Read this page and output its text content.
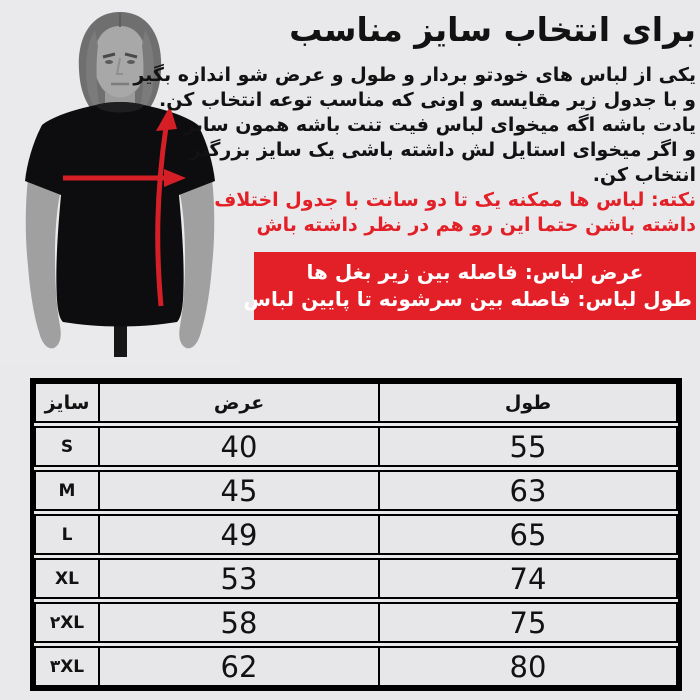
برای انتخاب سایز مناسب
یکی از لباس های خودتو بردار و طول و عرض شو اندازه بگیر
و با جدول زیر مقایسه و اونی که مناسب توعه انتخاب کن.
یادت باشه اگه میخوای لباس فیت تنت باشه همون سایز
و اگر میخوای استایل لش داشته باشی یک سایز بزرگتر
انتخاب کن.
نکته: لباس ها ممکنه یک تا دو سانت با جدول اختلاف
داشته باشن حتما این رو هم در نظر داشته باش
عرض لباس: فاصله بین زیر بغل ها
طول لباس: فاصله بین سرشونه تا پایین لباس
سایز	عرض	طول
S	40	55
M	45	63
L	49	65
XL	53	74
۲XL	58	75
۳XL	62	80
